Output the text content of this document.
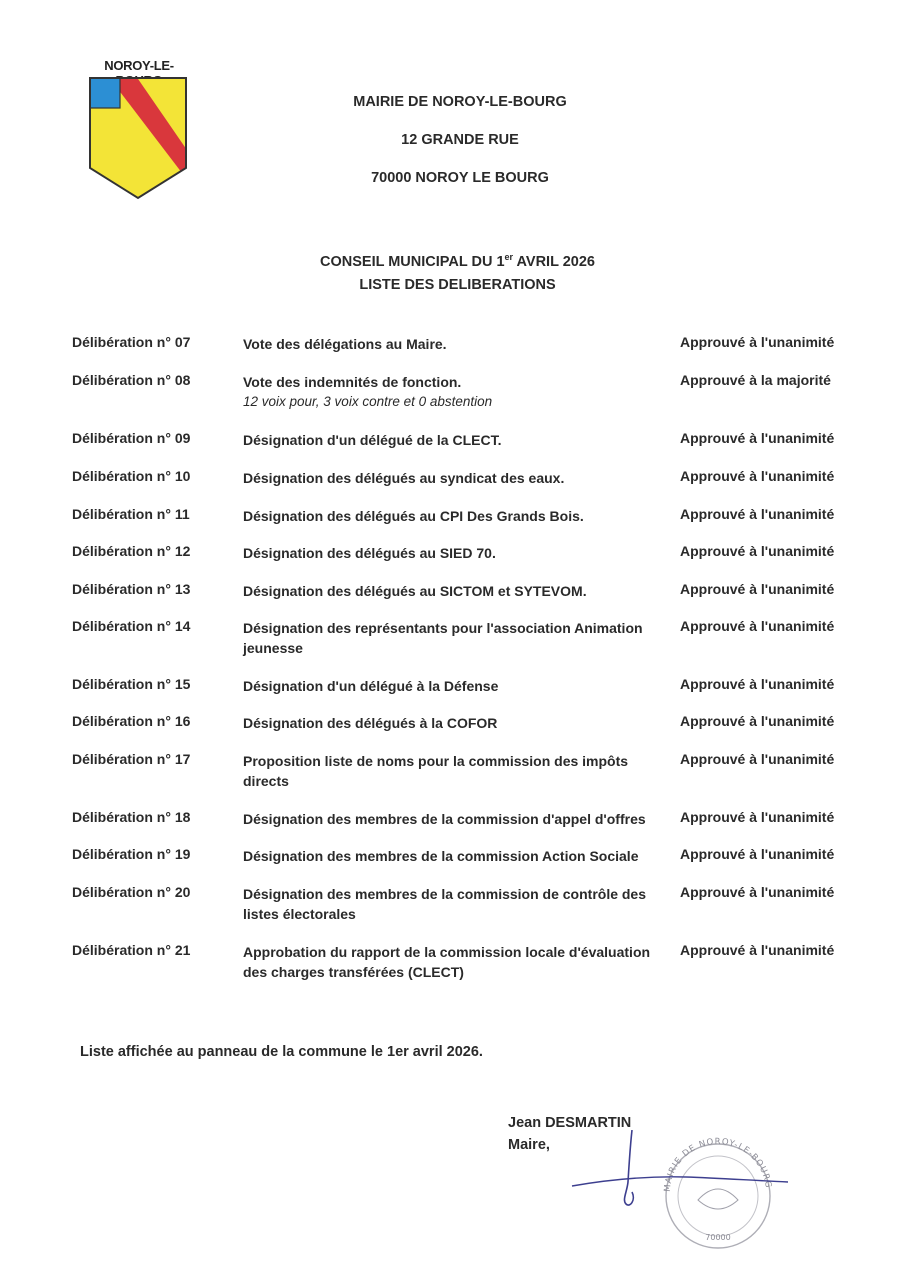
NOROY-LE-
MAIRIE DE NOROY-LE-BOURG
12 GRANDE RUE
70000 NOROY LE BOURG
CONSEIL MUNICIPAL DU 1er AVRIL 2026
LISTE DES DELIBERATIONS
Délibération n° 07	Vote des délégations au Maire.	Approuvé à l'unanimité
Délibération n° 08	Vote des indemnités de fonction.
12 voix pour, 3 voix contre et 0 abstention
Approuvé à la majorité
Délibération n° 09	Désignation d'un délégué de la CLECT.	Approuvé à l'unanimité
Délibération n° 10	Désignation des délégués au syndicat des eaux.	Approuvé à l'unanimité
Délibération n° 11	Désignation des délégués au CPI Des Grands Bois.	Approuvé à l'unanimité
Délibération n° 12	Désignation des délégués au SIED 70.	Approuvé à l'unanimité
Délibération n° 13	Désignation des délégués au SICTOM et SYTEVOM.	Approuvé à l'unanimité
Délibération n° 14	Désignation des représentants pour l'association Animation jeunesse
Approuvé à l'unanimité
Délibération n° 15	Désignation d'un délégué à la Défense	Approuvé à l'unanimité
Délibération n° 16	Désignation des délégués à la COFOR	Approuvé à l'unanimité
Délibération n° 17	Proposition liste de noms pour la commission des impôts directs
Approuvé à l'unanimité
Délibération n° 18	Désignation des membres de la commission d'appel d'offres	Approuvé à l'unanimité
Délibération n° 19	Désignation des membres de la commission Action Sociale	Approuvé à l'unanimité
Délibération n° 20	Désignation des membres de la commission de contrôle des listes électorales
Approuvé à l'unanimité
Délibération n° 21	Approbation du rapport de la commission locale d'évaluation des charges transférées (CLECT)
Approuvé à l'unanimité
Liste affichée au panneau de la commune le 1er avril 2026.
Jean DESMARTIN
Maire,
MAIRIE DE NOROY-LE-BOURG
70000
